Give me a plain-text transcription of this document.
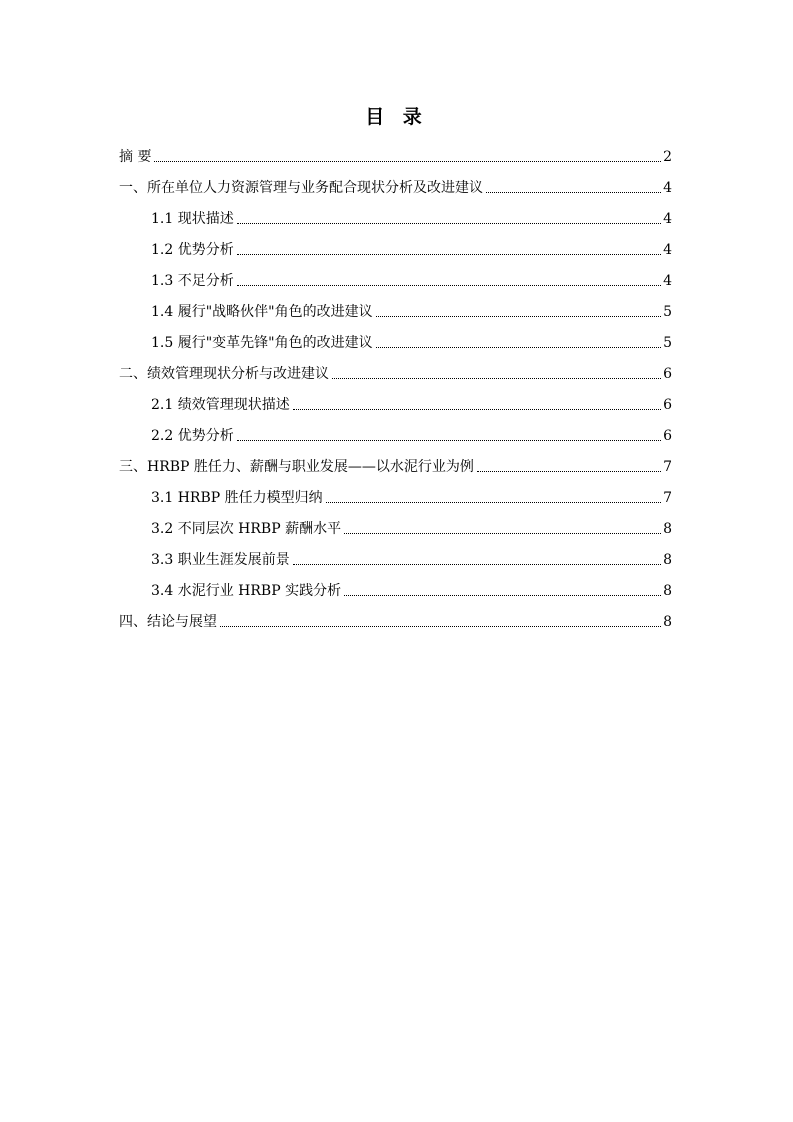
目 录
摘 要	2
一、所在单位人力资源管理与业务配合现状分析及改进建议	4
1.1 现状描述	4
1.2 优势分析	4
1.3 不足分析	4
1.4 履行"战略伙伴"角色的改进建议	5
1.5 履行"变革先锋"角色的改进建议	5
二、绩效管理现状分析与改进建议	6
2.1 绩效管理现状描述	6
2.2 优势分析	6
三、HRBP 胜任力、薪酬与职业发展——以水泥行业为例	7
3.1 HRBP 胜任力模型归纳	7
3.2 不同层次 HRBP 薪酬水平	8
3.3 职业生涯发展前景	8
3.4 水泥行业 HRBP 实践分析	8
四、结论与展望	8
